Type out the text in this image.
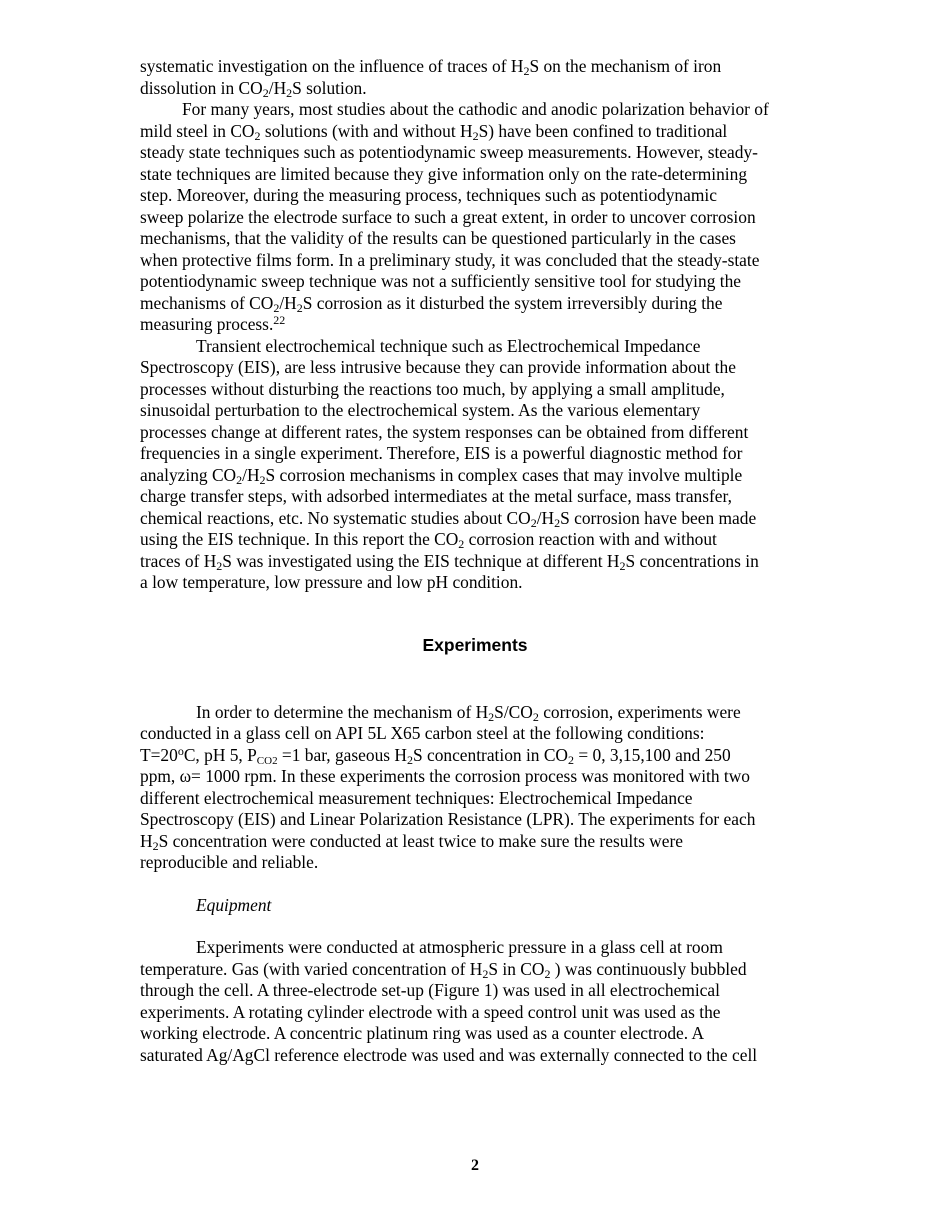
systematic investigation on the influence of traces of $H_2S$ on the mechanism of iron
dissolution in $CO_2/H_2S$ solution.
For many years, most studies about the cathodic and anodic polarization behavior of
mild steel in $CO_2$ solutions (with and without $H_2S$) have been confined to traditional
steady state techniques such as potentiodynamic sweep measurements. However, steady-
state techniques are limited because they give information only on the rate-determining
step. Moreover, during the measuring process, techniques such as potentiodynamic
sweep polarize the electrode surface to such a great extent, in order to uncover corrosion
mechanisms, that the validity of the results can be questioned particularly in the cases
when protective films form. In a preliminary study, it was concluded that the steady-state
potentiodynamic sweep technique was not a sufficiently sensitive tool for studying the
mechanisms of $CO_2/H_2S$ corrosion as it disturbed the system irreversibly during the
measuring process.$^{22}$
Transient electrochemical technique such as Electrochemical Impedance
Spectroscopy (EIS), are less intrusive because they can provide information about the
processes without disturbing the reactions too much, by applying a small amplitude,
sinusoidal perturbation to the electrochemical system. As the various elementary
processes change at different rates, the system responses can be obtained from different
frequencies in a single experiment. Therefore, EIS is a powerful diagnostic method for
analyzing $CO_2/H_2S$ corrosion mechanisms in complex cases that may involve multiple
charge transfer steps, with adsorbed intermediates at the metal surface, mass transfer,
chemical reactions, etc. No systematic studies about $CO_2/H_2S$ corrosion have been made
using the EIS technique. In this report the $CO_2$ corrosion reaction with and without
traces of $H_2S$ was investigated using the EIS technique at different $H_2S$ concentrations in
a low temperature, low pressure and low pH condition.
In order to determine the mechanism of $H_2S/CO_2$ corrosion, experiments were
conducted in a glass cell on API 5L X65 carbon steel at the following conditions:
$T=20^oC$, pH 5, $P_{CO2} =1$ bar, gaseous $H_2S$ concentration in $CO_2 = 0$, 3,15,100 and 250
ppm, ω= 1000 rpm. In these experiments the corrosion process was monitored with two
different electrochemical measurement techniques: Electrochemical Impedance
Spectroscopy (EIS) and Linear Polarization Resistance (LPR). The experiments for each
$H_2S$ concentration were conducted at least twice to make sure the results were
reproducible and reliable.
Equipment
Experiments were conducted at atmospheric pressure in a glass cell at room
temperature. Gas (with varied concentration of $H_2S$ in $CO_2$ ) was continuously bubbled
through the cell. A three-electrode set-up (Figure 1) was used in all electrochemical
experiments. A rotating cylinder electrode with a speed control unit was used as the
working electrode. A concentric platinum ring was used as a counter electrode. A
saturated Ag/AgCl reference electrode was used and was externally connected to the cell
Experiments
2
